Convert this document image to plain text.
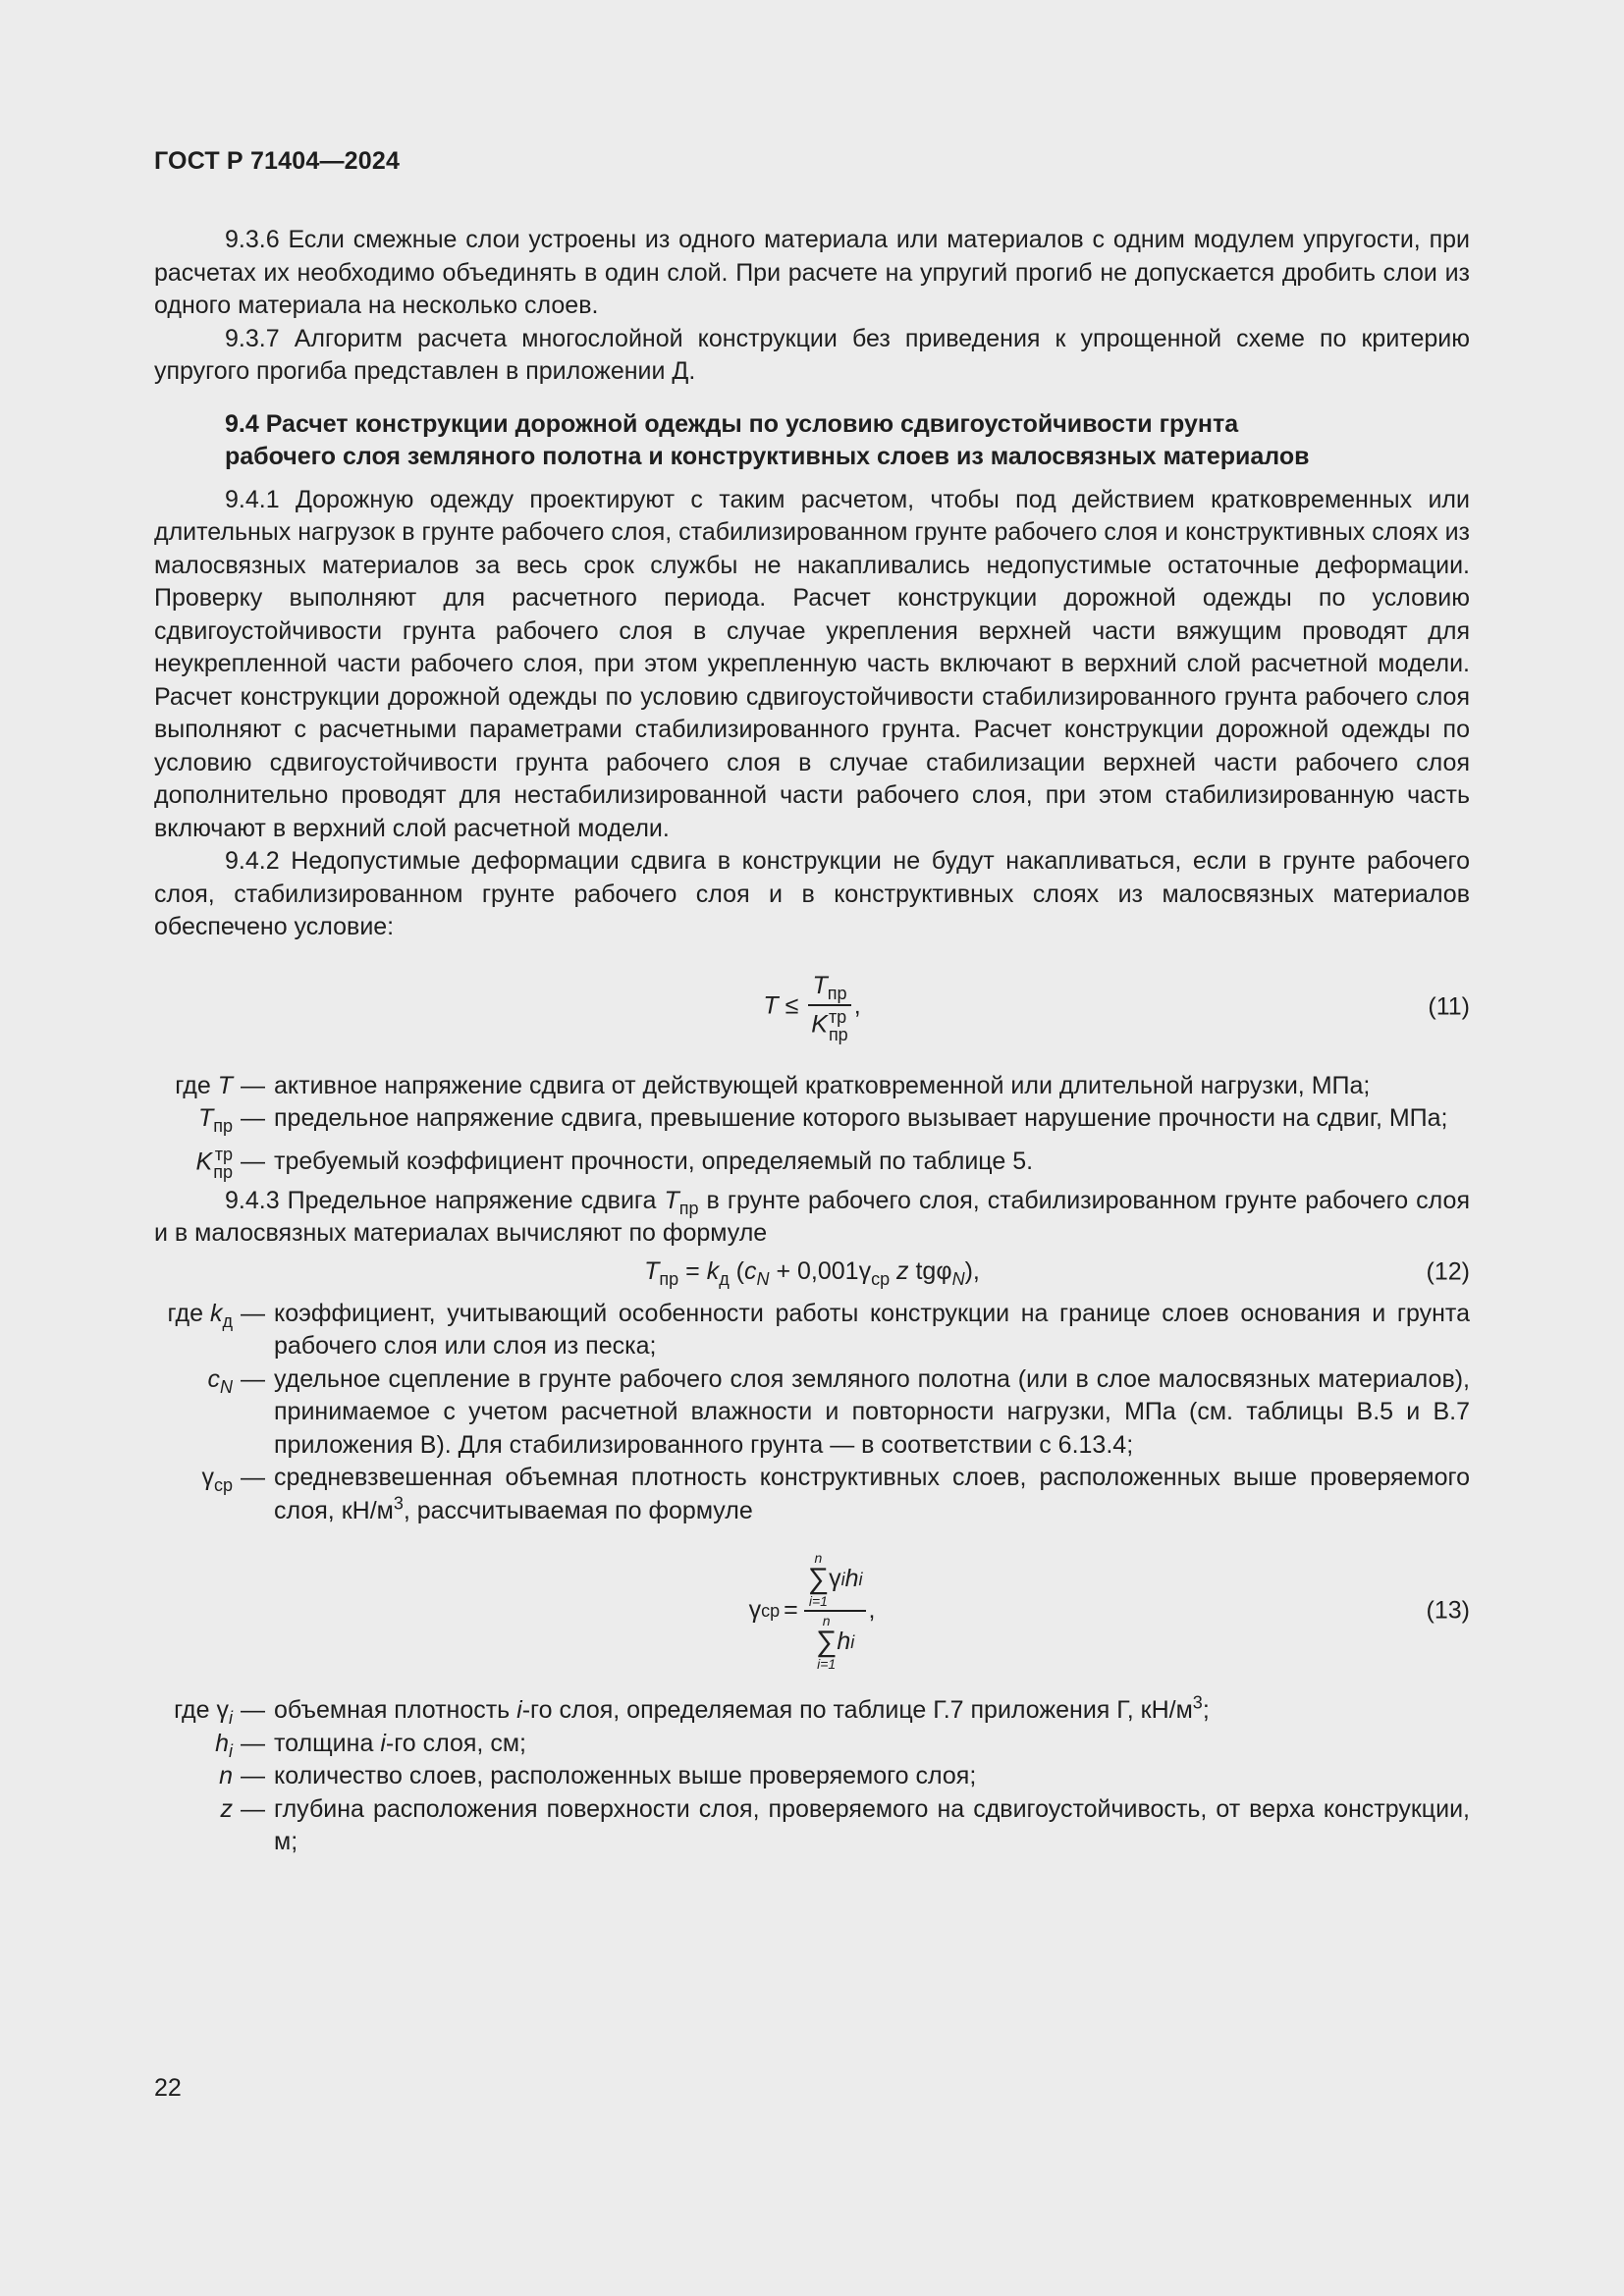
ГОСТ Р 71404—2024

9.3.6 Если смежные слои устроены из одного материала или материалов с одним модулем упругости, при расчетах их необходимо объединять в один слой. При расчете на упругий прогиб не допускается дробить слои из одного материала на несколько слоев.

9.3.7 Алгоритм расчета многослойной конструкции без приведения к упрощенной схеме по критерию упругого прогиба представлен в приложении Д.

9.4 Расчет конструкции дорожной одежды по условию сдвигоустойчивости грунта
рабочего слоя земляного полотна и конструктивных слоев из малосвязных материалов

9.4.1 Дорожную одежду проектируют с таким расчетом, чтобы под действием кратковременных или длительных нагрузок в грунте рабочего слоя, стабилизированном грунте рабочего слоя и конструктивных слоях из малосвязных материалов за весь срок службы не накапливались недопустимые остаточные деформации. Проверку выполняют для расчетного периода. Расчет конструкции дорожной одежды по условию сдвигоустойчивости грунта рабочего слоя в случае укрепления верхней части вяжущим проводят для неукрепленной части рабочего слоя, при этом укрепленную часть включают в верхний слой расчетной модели. Расчет конструкции дорожной одежды по условию сдвигоустойчивости стабилизированного грунта рабочего слоя выполняют с расчетными параметрами стабилизированного грунта. Расчет конструкции дорожной одежды по условию сдвигоустойчивости грунта рабочего слоя в случае стабилизации верхней части рабочего слоя дополнительно проводят для нестабилизированной части рабочего слоя, при этом стабилизированную часть включают в верхний слой расчетной модели.

9.4.2 Недопустимые деформации сдвига в конструкции не будут накапливаться, если в грунте рабочего слоя, стабилизированном грунте рабочего слоя и в конструктивных слоях из малосвязных материалов обеспечено условие:

$T \le T_{пр}$
K тр
пр ,	(11)
где T	—	активное напряжение сдвига от действующей кратковременной или длительной нагрузки, МПа;
$T_{пр}$	—	предельное напряжение сдвига, превышение которого вызывает нарушение прочности на сдвиг, МПа;
K тр
пр	—	требуемый коэффициент прочности, определяемый по таблице 5.

9.4.3 Предельное напряжение сдвига $T_{пр}$ в грунте рабочего слоя, стабилизированном грунте рабочего слоя и в малосвязных материалах вычисляют по формуле

$T_{пр} = k_д$ ($c_N + 0,001\gamma_{ср}$ z tgφ$_N$),	(12)
где $k_д$	—	коэффициент, учитывающий особенности работы конструкции на границе слоев основания и грунта рабочего слоя или слоя из песка;
$c_N$	—	удельное сцепление в грунте рабочего слоя земляного полотна (или в слое малосвязных материалов), принимаемое с учетом расчетной влажности и повторности нагрузки, МПа (см. таблицы В.5 и В.7 приложения В). Для стабилизированного грунта — в соответствии с 6.13.4;
$\gamma_{ср}$	—	средневзвешенная объемная плотность конструктивных слоев, расположенных выше проверяемого слоя, $кН/м^3$, рассчитываемая по формуле
γ ср = n
∑
i=1
γ i h i
n
∑
i=1
h i ,	(13)
где $\gamma_i$	—	объемная плотность i-го слоя, определяемая по таблице Г.7 приложения Г, $кН/м^3$;
$h_i$	—	толщина i-го слоя, см;
n	—	количество слоев, расположенных выше проверяемого слоя;
z	—	глубина расположения поверхности слоя, проверяемого на сдвигоустойчивость, от верха конструкции, м;
22
